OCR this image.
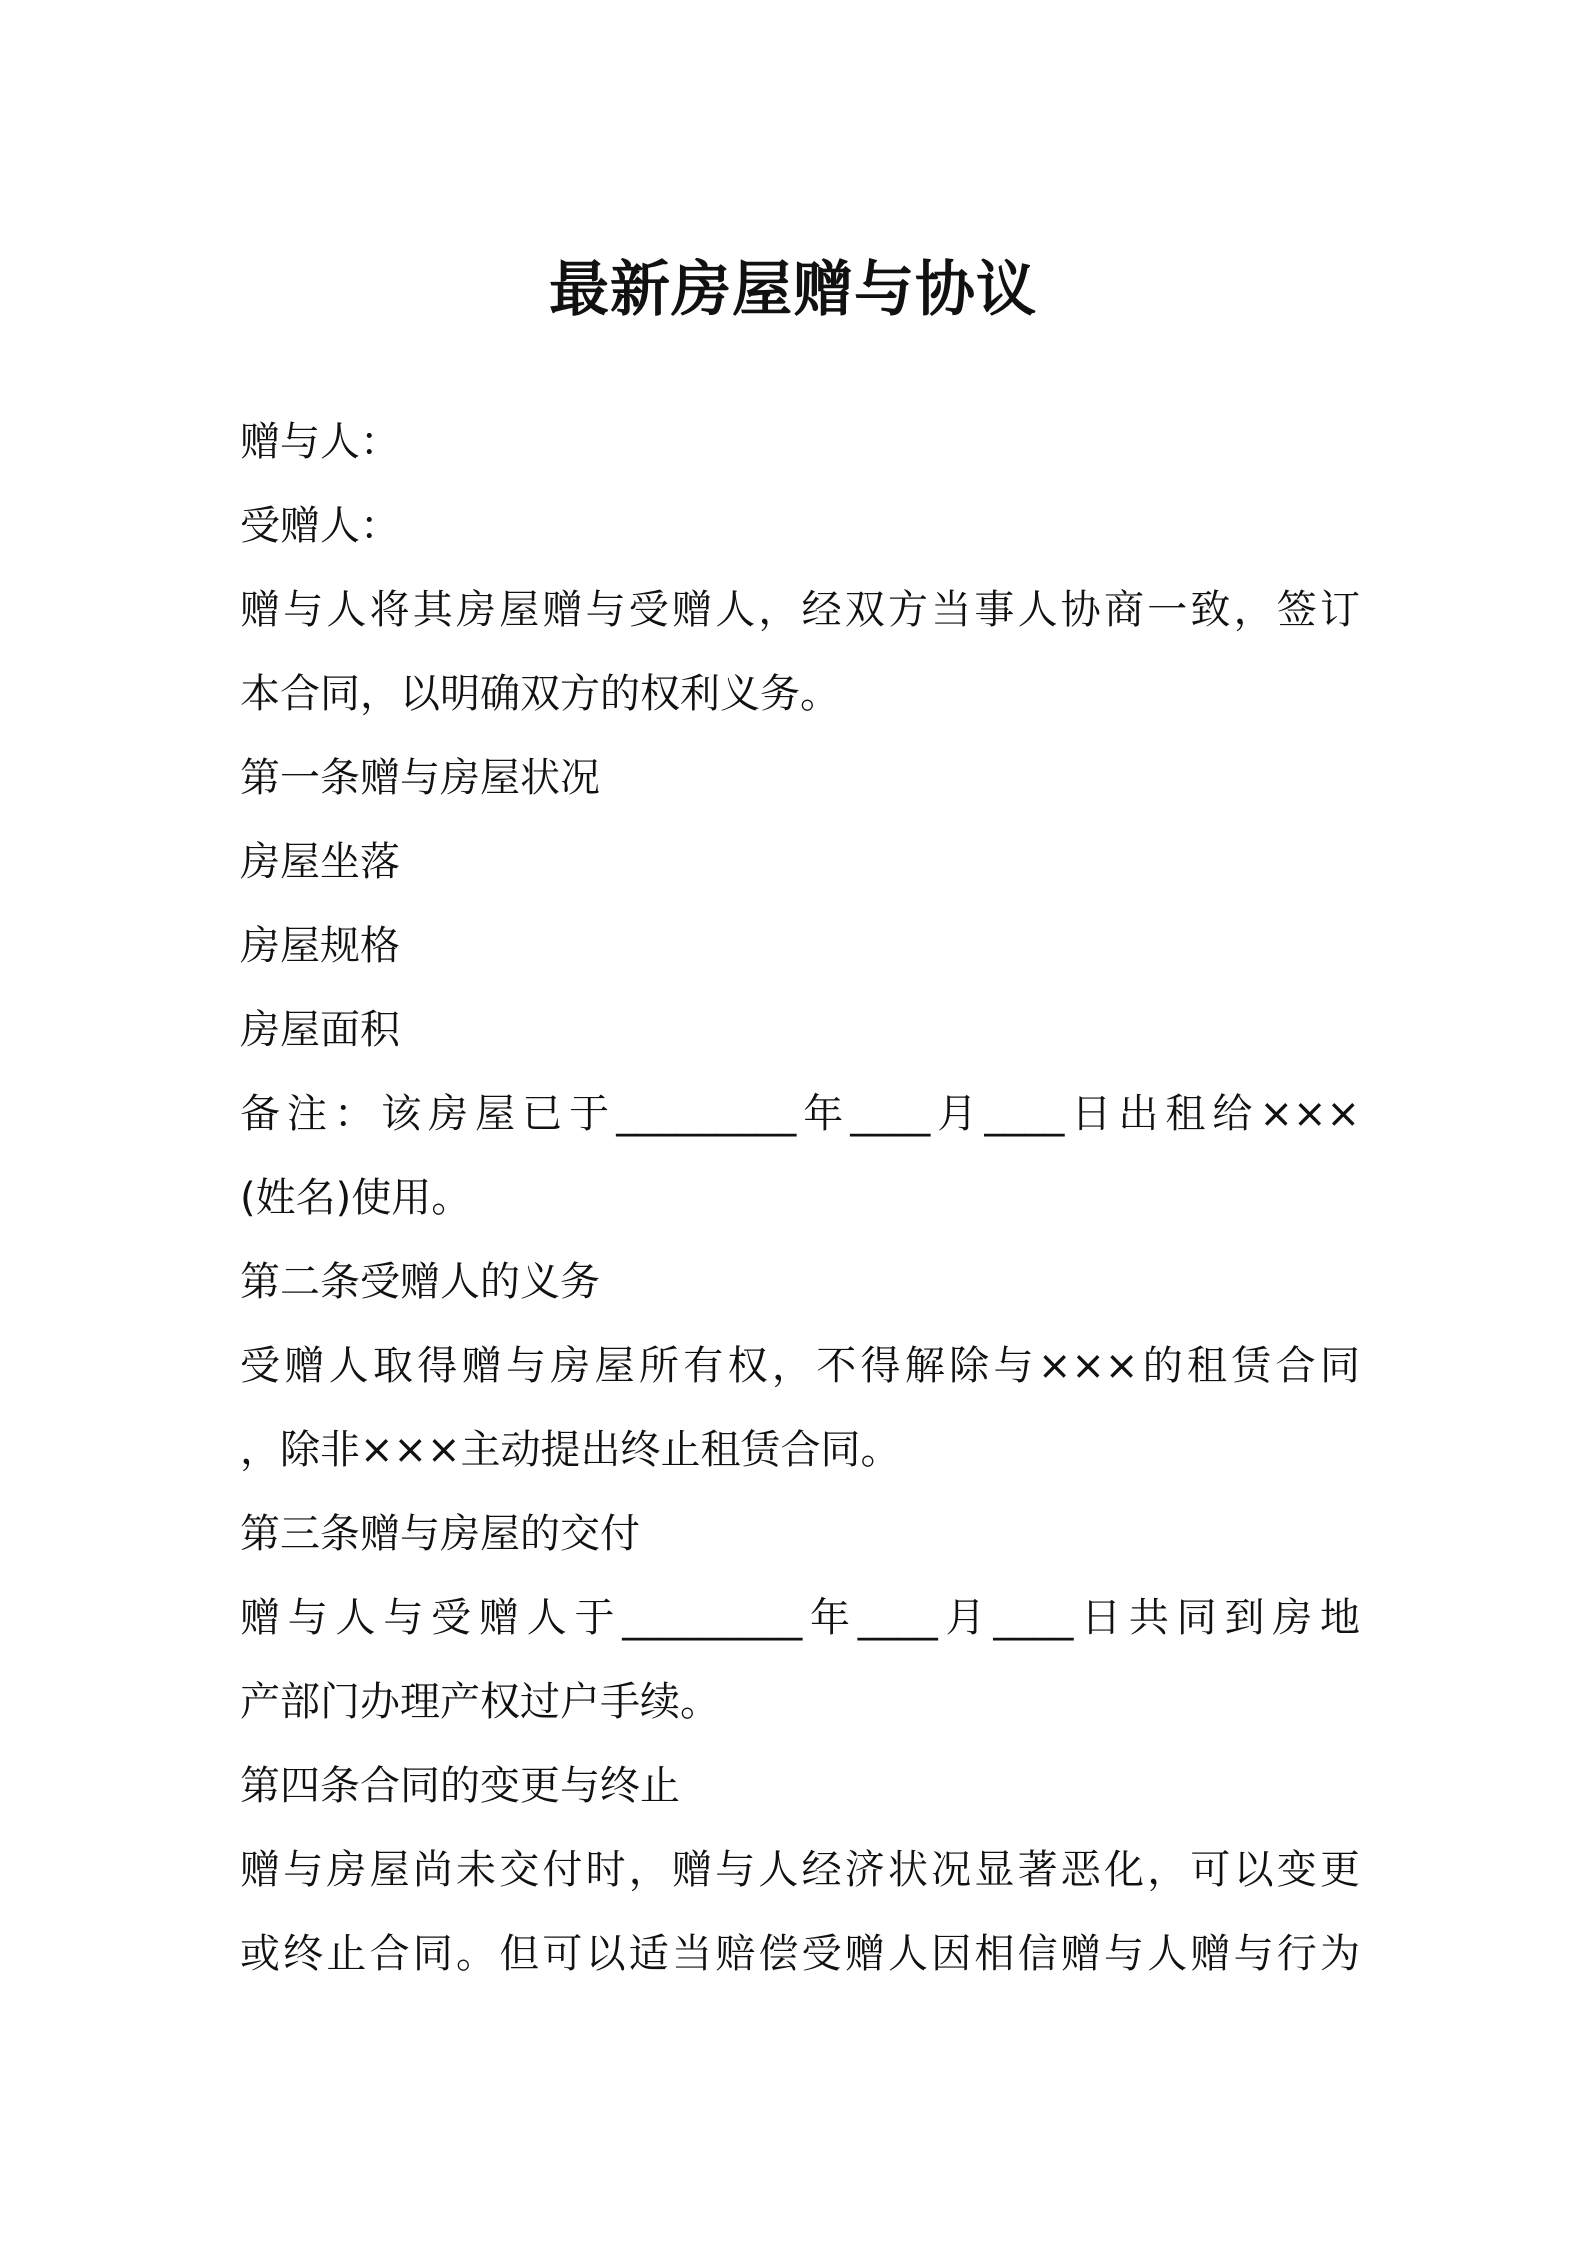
最新房屋赠与协议
赠与人：
受赠人：
赠与人将其房屋赠与受赠人，经双方当事人协商一致，签订
本合同，以明确双方的权利义务。
第一条赠与房屋状况
房屋坐落
房屋规格
房屋面积
备注：该房屋已于_________年____月____日出租给×××
(姓名)使用。
第二条受赠人的义务
受赠人取得赠与房屋所有权，不得解除与×××的租赁合同
，除非×××主动提出终止租赁合同。
第三条赠与房屋的交付
赠与人与受赠人于_________年____月____日共同到房地
产部门办理产权过户手续。
第四条合同的变更与终止
赠与房屋尚未交付时，赠与人经济状况显著恶化，可以变更
或终止合同。但可以适当赔偿受赠人因相信赠与人赠与行为
